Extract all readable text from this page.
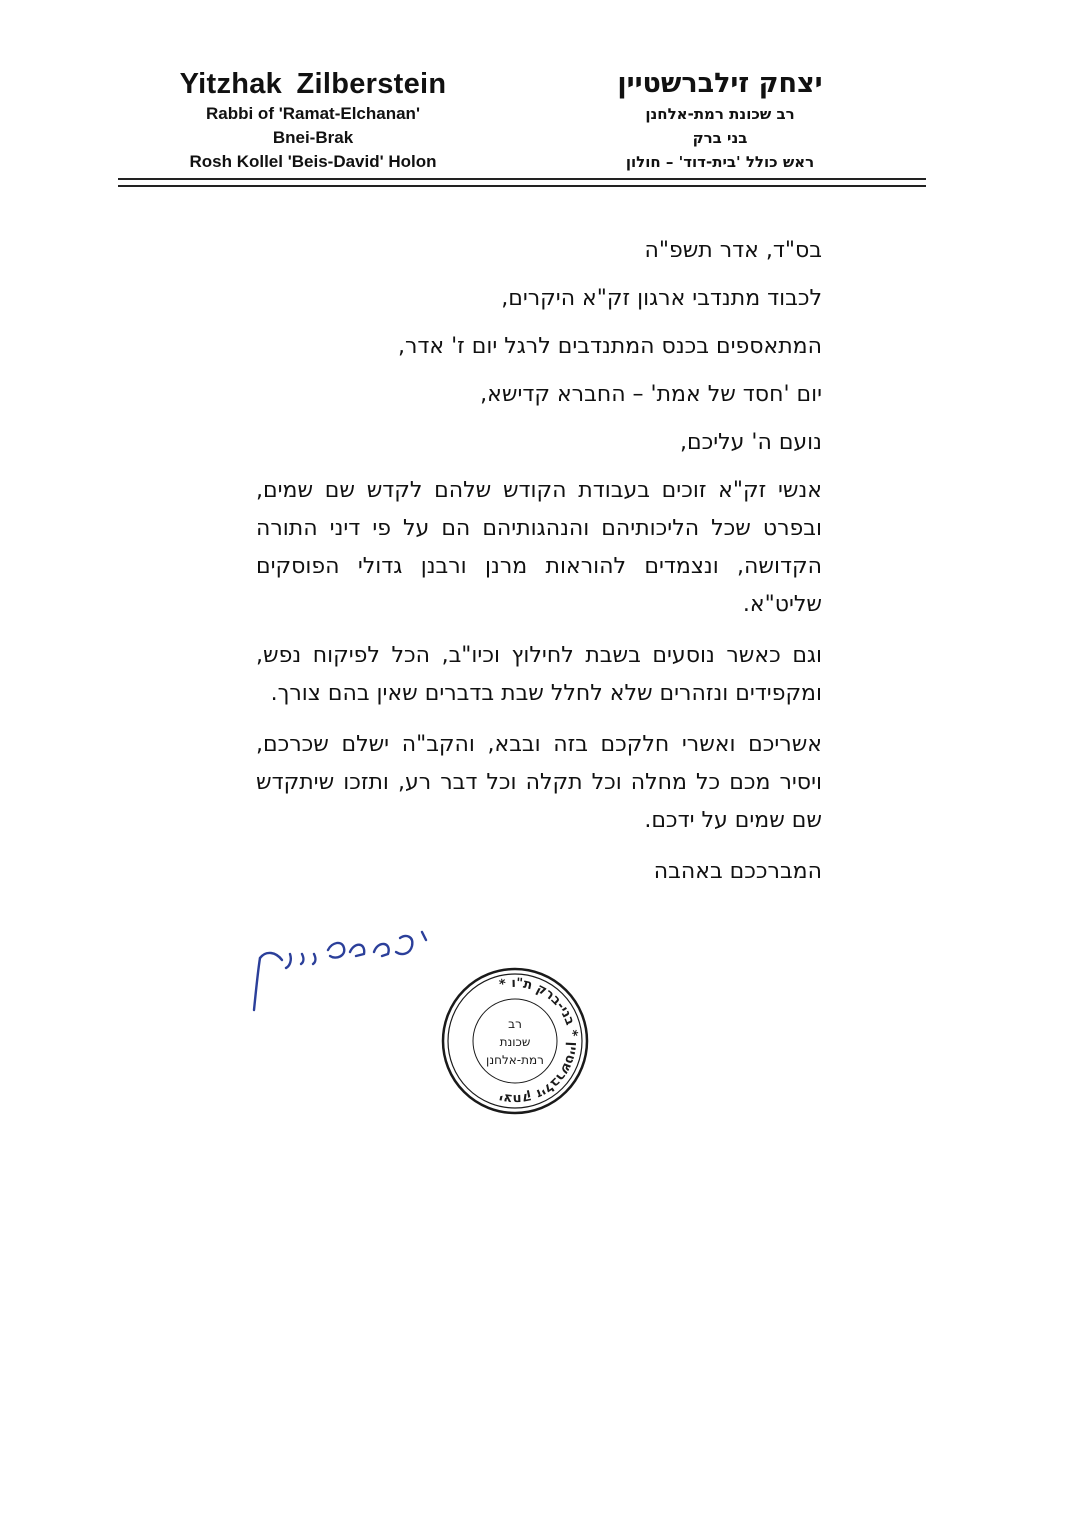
Yitzhak Zilberstein
Rabbi of 'Ramat-Elchanan'
Bnei-Brak
Rosh Kollel 'Beis-David' Holon
יצחק זילברשטיין
רב שכונת רמת-אלחנן
בני ברק
ראש כולל 'בית-דוד' – חולון

בס"ד, אדר תשפ"ה

לכבוד מתנדבי ארגון זק"א היקרים,

המתאספים בכנס המתנדבים לרגל יום ז' אדר,

יום 'חסד של אמת' – החברא קדישא,

נועם ה' עליכם,

אנשי זק"א זוכים בעבודת הקודש שלהם לקדש שם שמים, ובפרט שכל הליכותיהם והנהגותיהם הם על פי דיני התורה הקדושה, ונצמדים להוראות מרנן ורבנן גדולי הפוסקים שליט"א.

וגם כאשר נוסעים בשבת לחילוץ וכיו"ב, הכל לפיקוח נפש, ומקפידים ונזהרים שלא לחלל שבת בדברים שאין בהם צורך.

אשריכם ואשרי חלקכם בזה ובבא, והקב"ה ישלם שכרכם, ויסיר מכם כל מחלה וכל תקלה וכל דבר רע, ותזכו שיתקדש שם שמים על ידכם.

המברככם באהבה

יצחק זילברשטיין * בני-ברק ת"ו *
רב
שכונת
רמת-אלחנן
